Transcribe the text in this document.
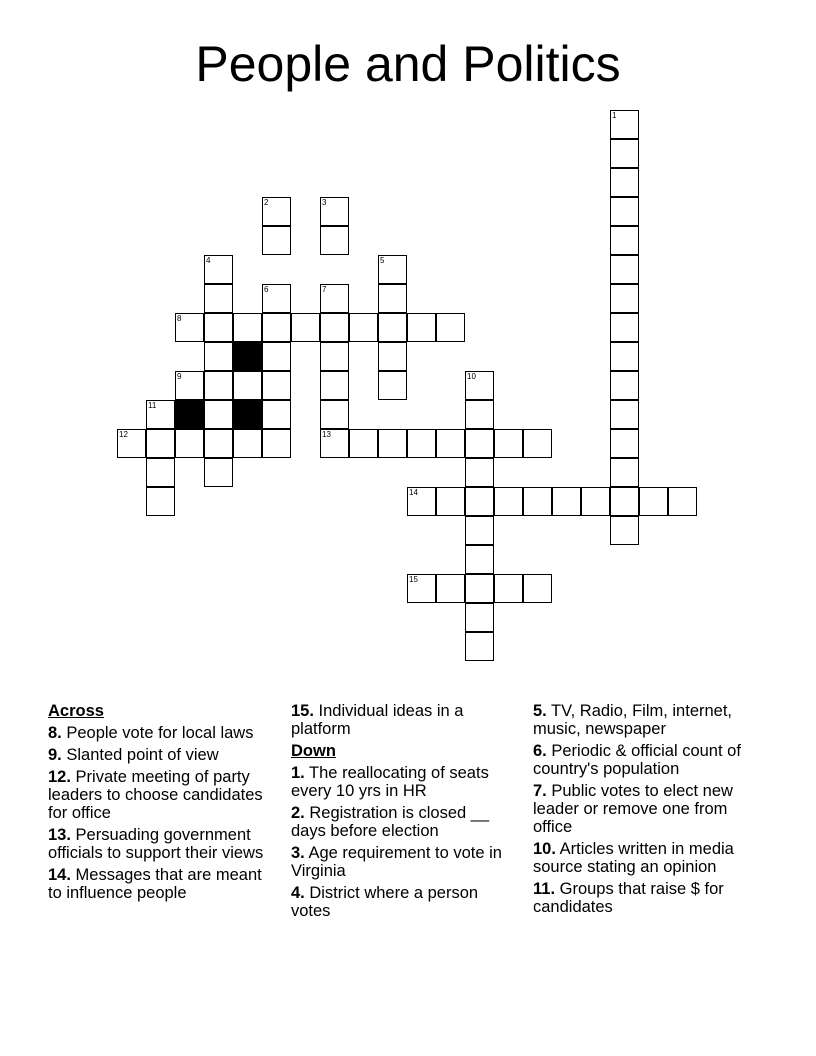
People and Politics
8
9
11
12	13
14
15
1
2	3
4	5
6	7
10
Across
8. People vote for local laws
9. Slanted point of view
12. Private meeting of party leaders to choose candidates for office
13. Persuading government officials to support their views
14. Messages that are meant to influence people
15. Individual ideas in a platform
Down
1. The reallocating of seats every 10 yrs in HR
2. Registration is closed __ days before election
3. Age requirement to vote in Virginia
4. District where a person votes
5. TV, Radio, Film, internet, music, newspaper
6. Periodic & official count of country's population
7. Public votes to elect new leader or remove one from office
10. Articles written in media source stating an opinion
11. Groups that raise $ for candidates
